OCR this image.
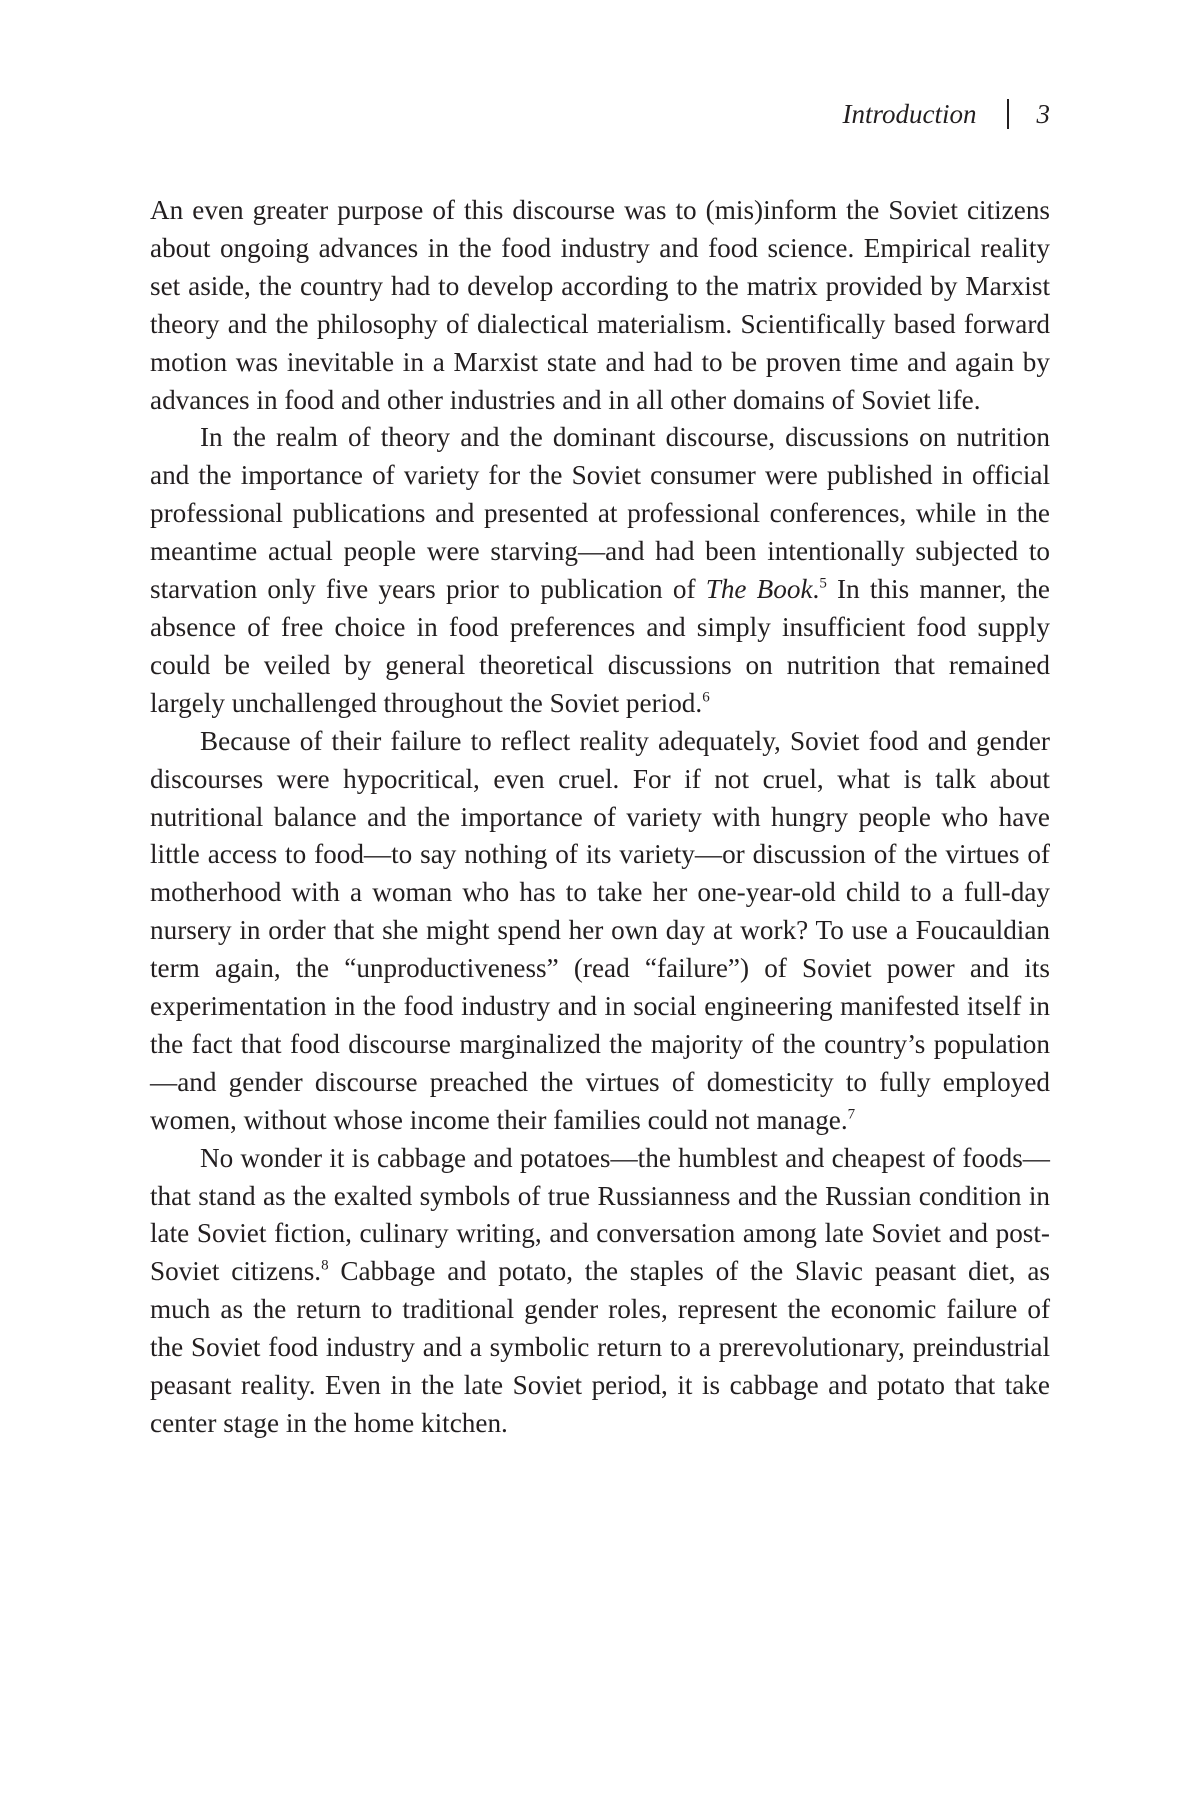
Introduction 3

An even greater purpose of this discourse was to (mis)inform the Soviet citizens about ongoing advances in the food industry and food science. Empirical reality set aside, the country had to develop according to the matrix provided by Marxist theory and the philosophy of dialectical materialism. Scientifically based forward motion was inevitable in a Marxist state and had to be proven time and again by advances in food and other industries and in all other domains of Soviet life.

In the realm of theory and the dominant discourse, discussions on nutrition and the importance of variety for the Soviet consumer were published in official professional publications and presented at professional conferences, while in the meantime actual people were starving—and had been intentionally subjected to starvation only five years prior to publication of The Book.$^5$ In this manner, the absence of free choice in food preferences and simply insufficient food supply could be veiled by general theoretical discussions on nutrition that remained largely unchallenged throughout the Soviet period.$^6$

Because of their failure to reflect reality adequately, Soviet food and gender discourses were hypocritical, even cruel. For if not cruel, what is talk about nutritional balance and the importance of variety with hungry people who have little access to food—to say nothing of its variety—or discussion of the virtues of motherhood with a woman who has to take her one-year-old child to a full-day nursery in order that she might spend her own day at work? To use a Foucauldian term again, the “unproductiveness” (read “failure”) of Soviet power and its experimentation in the food industry and in social engineering manifested itself in the fact that food discourse marginalized the majority of the country’s population—and gender discourse preached the virtues of domesticity to fully employed women, without whose income their families could not manage.$^7$

No wonder it is cabbage and potatoes—the humblest and cheapest of foods—that stand as the exalted symbols of true Russianness and the Russian condition in late Soviet fiction, culinary writing, and conversation among late Soviet and post-Soviet citizens.$^8$ Cabbage and potato, the staples of the Slavic peasant diet, as much as the return to traditional gender roles, represent the economic failure of the Soviet food industry and a symbolic return to a prerevolutionary, preindustrial peasant reality. Even in the late Soviet period, it is cabbage and potato that take center stage in the home kitchen.
